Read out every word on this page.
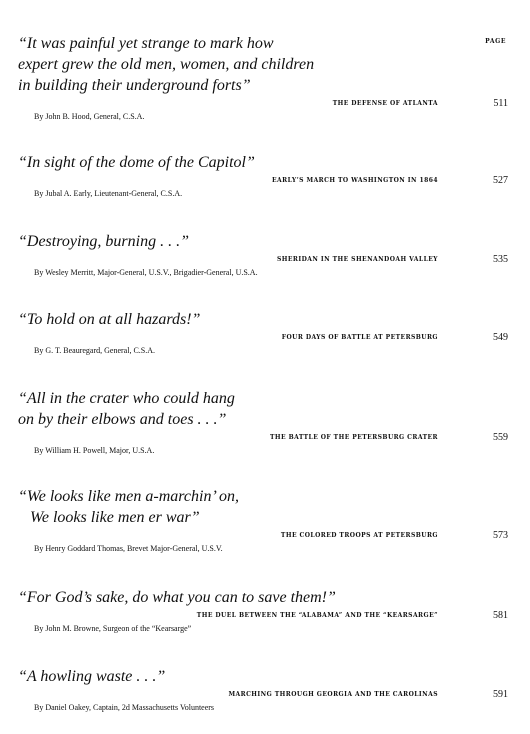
PAGE
“It was painful yet strange to mark how
expert grew the old men, women, and children
in building their underground forts”
THE DEFENSE OF ATLANTA	511
By John B. Hood, General, C.S.A.
“In sight of the dome of the Capitol”
EARLY’S MARCH TO WASHINGTON IN 1864	527
By Jubal A. Early, Lieutenant-General, C.S.A.
“Destroying, burning . . .”
SHERIDAN IN THE SHENANDOAH VALLEY	535
By Wesley Merritt, Major-General, U.S.V., Brigadier-General, U.S.A.
“To hold on at all hazards!”
FOUR DAYS OF BATTLE AT PETERSBURG	549
By G. T. Beauregard, General, C.S.A.
“All in the crater who could hang
on by their elbows and toes . . .”
THE BATTLE OF THE PETERSBURG CRATER	559
By William H. Powell, Major, U.S.A.
“We looks like men a-marchin’ on,
We looks like men er war”
THE COLORED TROOPS AT PETERSBURG	573
By Henry Goddard Thomas, Brevet Major-General, U.S.V.
“For God’s sake, do what you can to save them!”
THE DUEL BETWEEN THE “ALABAMA” AND THE “KEARSARGE”	581
By John M. Browne, Surgeon of the “Kearsarge”
“A howling waste . . .”
MARCHING THROUGH GEORGIA AND THE CAROLINAS	591
By Daniel Oakey, Captain, 2d Massachusetts Volunteers
